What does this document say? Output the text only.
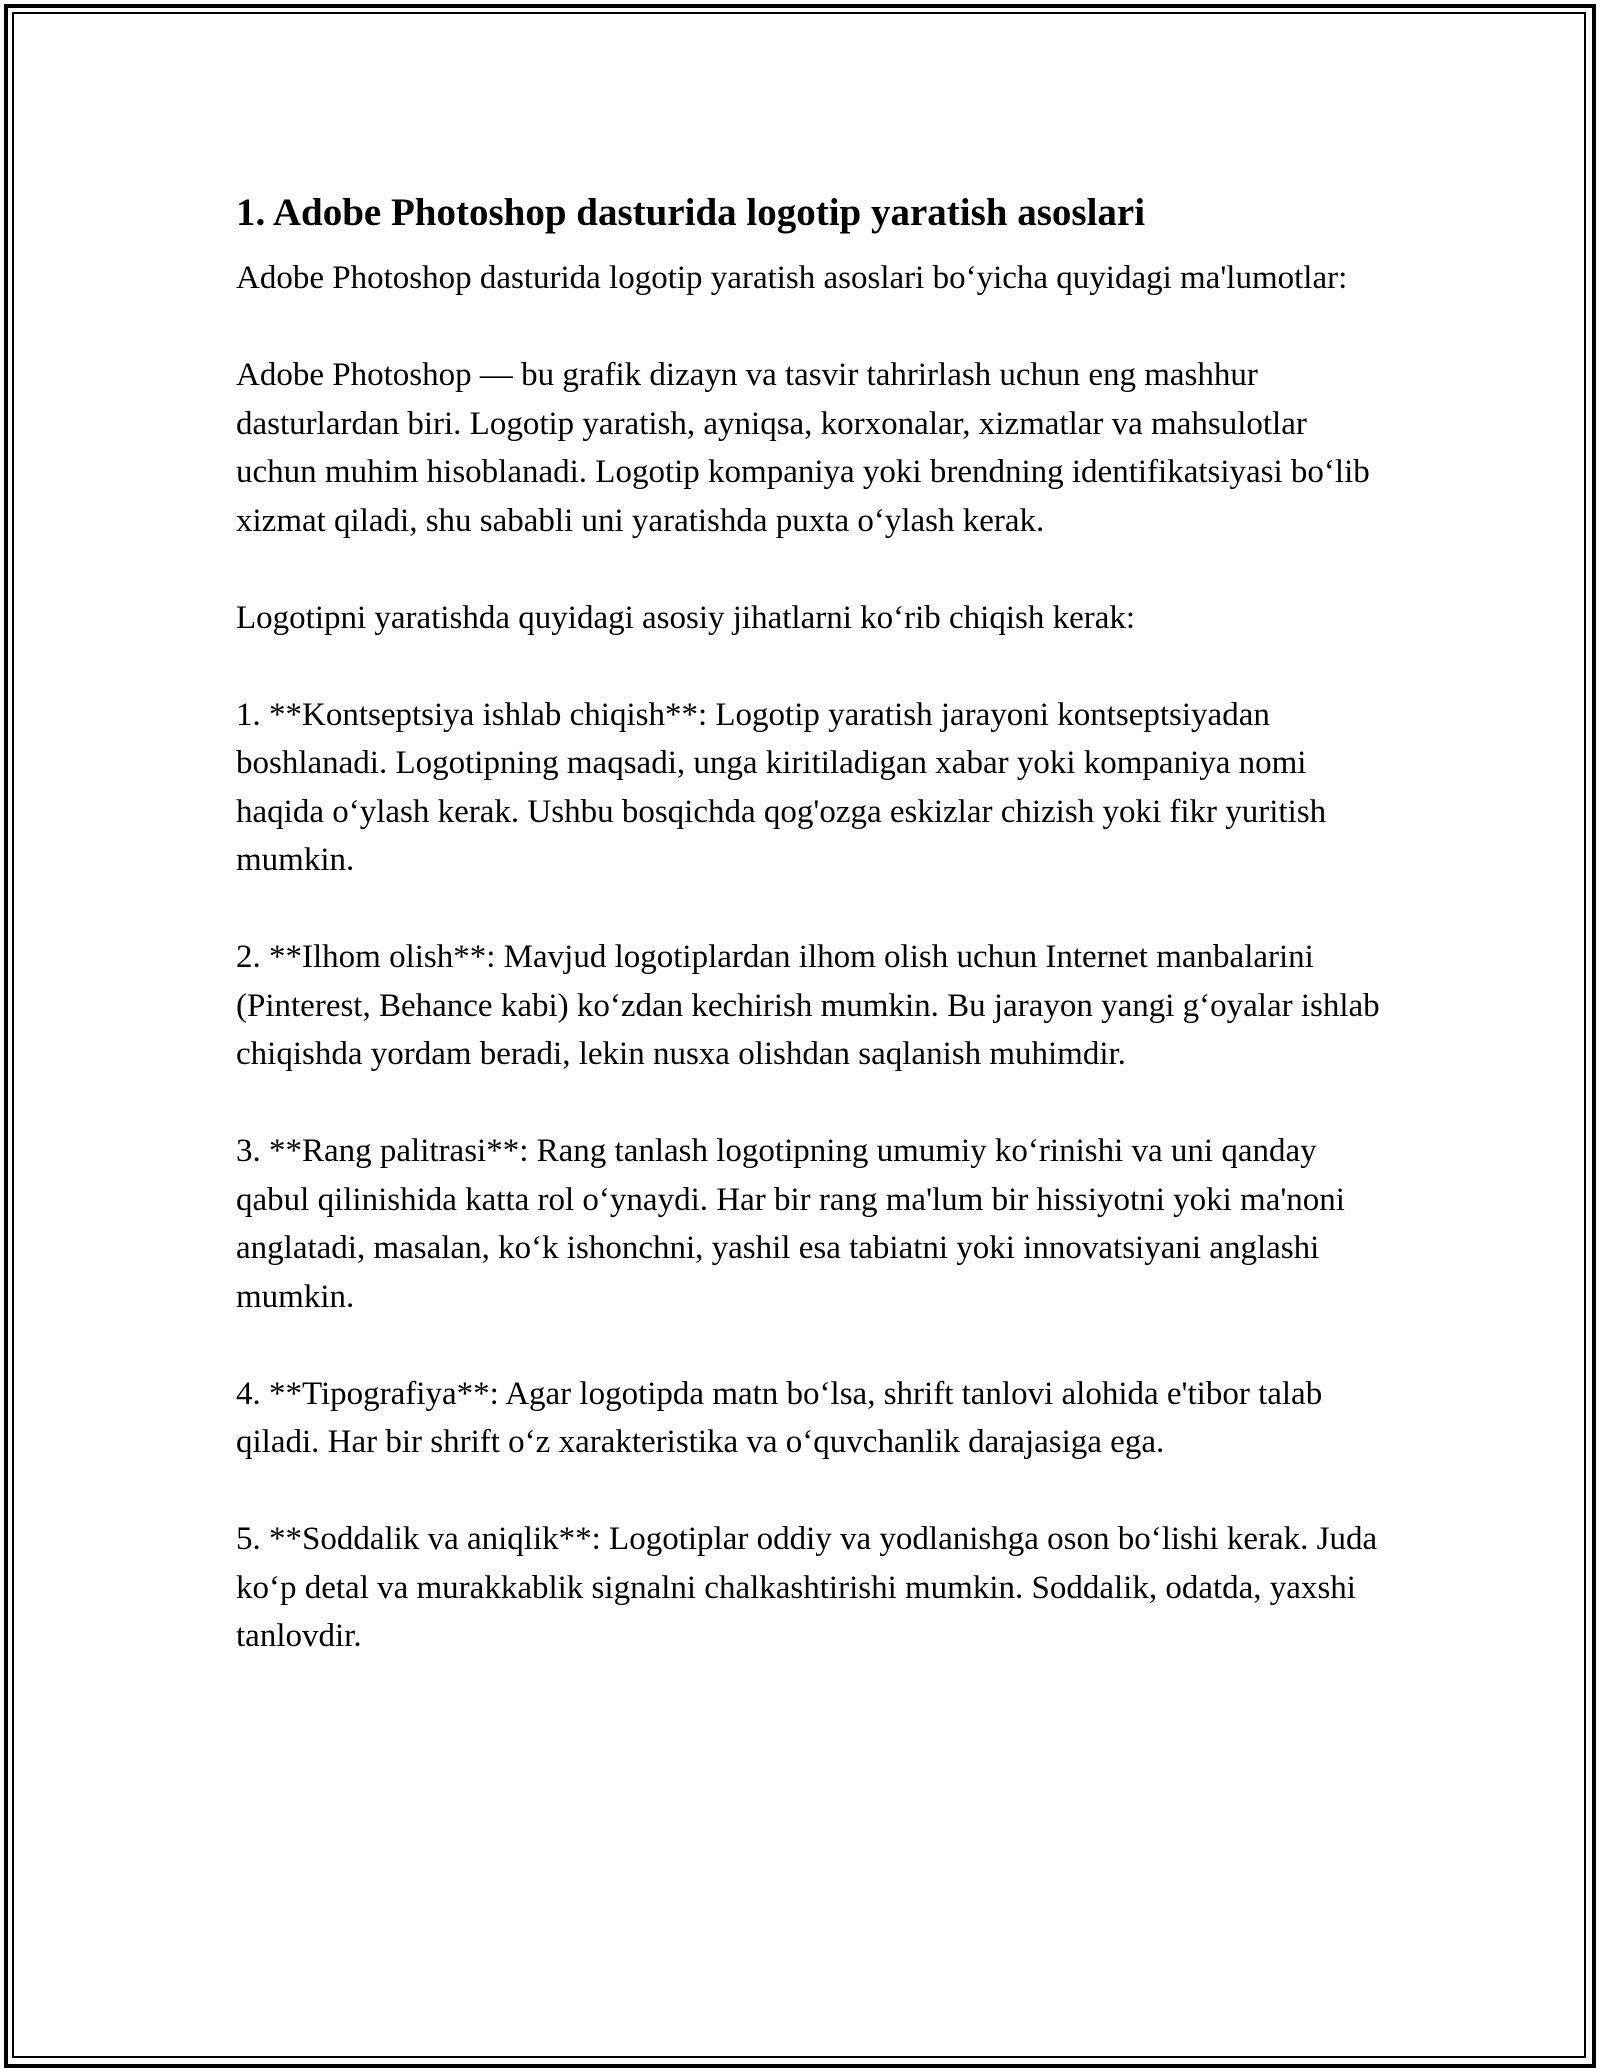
1. Adobe Photoshop dasturida logotip yaratish asoslari

Adobe Photoshop dasturida logotip yaratish asoslari boʻyicha quyidagi ma'lumotlar:

Adobe Photoshop — bu grafik dizayn va tasvir tahrirlash uchun eng mashhur dasturlardan biri. Logotip yaratish, ayniqsa, korxonalar, xizmatlar va mahsulotlar uchun muhim hisoblanadi. Logotip kompaniya yoki brendning identifikatsiyasi boʻlib xizmat qiladi, shu sababli uni yaratishda puxta oʻylash kerak.

Logotipni yaratishda quyidagi asosiy jihatlarni koʻrib chiqish kerak:

1. **Kontseptsiya ishlab chiqish**: Logotip yaratish jarayoni kontseptsiyadan boshlanadi. Logotipning maqsadi, unga kiritiladigan xabar yoki kompaniya nomi haqida oʻylash kerak. Ushbu bosqichda qog'ozga eskizlar chizish yoki fikr yuritish mumkin.

2. **Ilhom olish**: Mavjud logotiplardan ilhom olish uchun Internet manbalarini (Pinterest, Behance kabi) koʻzdan kechirish mumkin. Bu jarayon yangi gʻoyalar ishlab chiqishda yordam beradi, lekin nusxa olishdan saqlanish muhimdir.

3. **Rang palitrasi**: Rang tanlash logotipning umumiy koʻrinishi va uni qanday qabul qilinishida katta rol oʻynaydi. Har bir rang ma'lum bir hissiyotni yoki ma'noni anglatadi, masalan, koʻk ishonchni, yashil esa tabiatni yoki innovatsiyani anglashi mumkin.

4. **Tipografiya**: Agar logotipda matn boʻlsa, shrift tanlovi alohida e'tibor talab qiladi. Har bir shrift oʻz xarakteristika va oʻquvchanlik darajasiga ega.

5. **Soddalik va aniqlik**: Logotiplar oddiy va yodlanishga oson boʻlishi kerak. Juda koʻp detal va murakkablik signalni chalkashtirishi mumkin. Soddalik, odatda, yaxshi tanlovdir.
